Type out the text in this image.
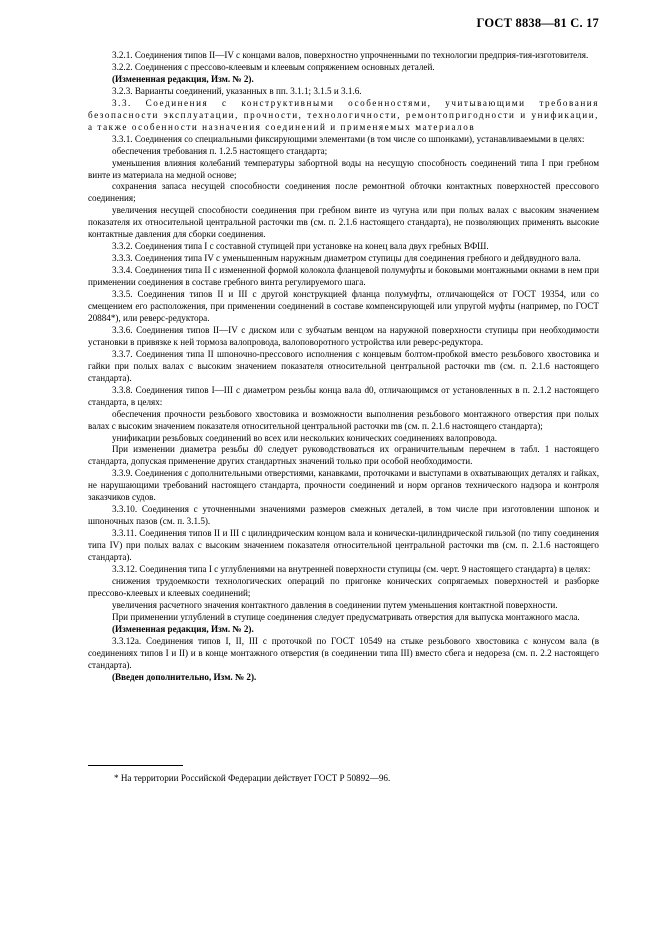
ГОСТ 8838—81 С. 17

3.2.1. Соединения типов II—IV с концами валов, поверхностно упрочненными по технологии предприя-тия-изготовителя.

3.2.2. Соединения с прессово-клеевым и клеевым сопряжением основных деталей.

(Измененная редакция, Изм. № 2).

3.2.3. Варианты соединений, указанных в пп. 3.1.1; 3.1.5 и 3.1.6.

3.3. Соединения с конструктивными особенностями, учитывающими требования безопасности эксплуатации, прочности, технологичности, ремонтопригодности и унификации, а также особенности назначения соединений и применяемых материалов

3.3.1. Соединения со специальными фиксирующими элементами (в том числе со шпонками), устанавливаемыми в целях:

обеспечения требования п. 1.2.5 настоящего стандарта;

уменьшения влияния колебаний температуры забортной воды на несущую способность соединений типа I при гребном винте из материала на медной основе;

сохранения запаса несущей способности соединения после ремонтной обточки контактных поверхностей прессового соединения;

увеличения несущей способности соединения при гребном винте из чугуна или при полых валах с высоким значением показателя их относительной центральной расточки mв (см. п. 2.1.6 настоящего стандарта), не позволяющих применять высокие контактные давления для сборки соединения.

3.3.2. Соединения типа I с составной ступицей при установке на конец вала двух гребных ВФШ.

3.3.3. Соединения типа IV с уменьшенным наружным диаметром ступицы для соединения гребного и дейдвудного вала.

3.3.4. Соединения типа II с измененной формой колокола фланцевой полумуфты и боковыми монтажными окнами в нем при применении соединения в составе гребного винта регулируемого шага.

3.3.5. Соединения типов II и III с другой конструкцией фланца полумуфты, отличающейся от ГОСТ 19354, или со смещением его расположения, при применении соединений в составе компенсирующей или упругой муфты (например, по ГОСТ 20884*), или реверс-редуктора.

3.3.6. Соединения типов II—IV с диском или с зубчатым венцом на наружной поверхности ступицы при необходимости установки в привязке к ней тормоза валопровода, валоповоротного устройства или реверс-редуктора.

3.3.7. Соединения типа II шпоночно-прессового исполнения с концевым болтом-пробкой вместо резьбового хвостовика и гайки при полых валах с высоким значением показателя относительной центральной расточки mв (см. п. 2.1.6 настоящего стандарта).

3.3.8. Соединения типов I—III с диаметром резьбы конца вала d0, отличающимся от установленных в п. 2.1.2 настоящего стандарта, в целях:

обеспечения прочности резьбового хвостовика и возможности выполнения резьбового монтажного отверстия при полых валах с высоким значением показателя относительной центральной расточки mв (см. п. 2.1.6 настоящего стандарта);

унификации резьбовых соединений во всех или нескольких конических соединениях валопровода.

При изменении диаметра резьбы d0 следует руководствоваться их ограничительным перечнем в табл. 1 настоящего стандарта, допуская применение других стандартных значений только при особой необходимости.

3.3.9. Соединения с дополнительными отверстиями, канавками, проточками и выступами в охватывающих деталях и гайках, не нарушающими требований настоящего стандарта, прочности соединений и норм органов технического надзора и контроля заказчиков судов.

3.3.10. Соединения с уточненными значениями размеров смежных деталей, в том числе при изготовлении шпонок и шпоночных пазов (см. п. 3.1.5).

3.3.11. Соединения типов II и III с цилиндрическим концом вала и конически-цилиндрической гильзой (по типу соединения типа IV) при полых валах с высоким значением показателя относительной центральной расточки mв (см. п. 2.1.6 настоящего стандарта).

3.3.12. Соединения типа I с углублениями на внутренней поверхности ступицы (см. черт. 9 настоящего стандарта) в целях:

снижения трудоемкости технологических операций по пригонке конических сопрягаемых поверхностей и разборке прессово-клеевых и клеевых соединений;

увеличения расчетного значения контактного давления в соединении путем уменьшения контактной поверхности.

При применении углублений в ступице соединения следует предусматривать отверстия для выпуска монтажного масла.

(Измененная редакция, Изм. № 2).

3.3.12а. Соединения типов I, II, III с проточкой по ГОСТ 10549 на стыке резьбового хвостовика с конусом вала (в соединениях типов I и II) и в конце монтажного отверстия (в соединении типа III) вместо сбега и недореза (см. п. 2.2 настоящего стандарта).

(Введен дополнительно, Изм. № 2).

* На территории Российской Федерации действует ГОСТ Р 50892—96.
